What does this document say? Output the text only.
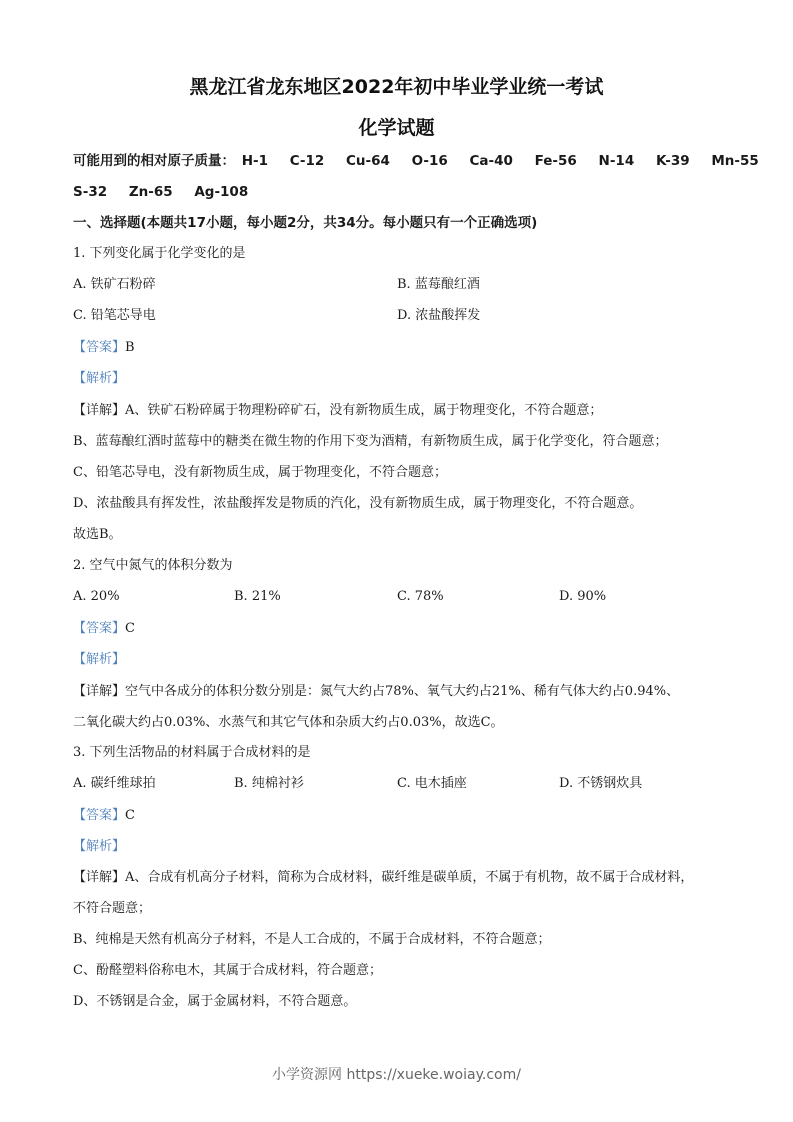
黑龙江省龙东地区2022年初中毕业学业统一考试
化学试题
可能用到的相对原子质量： H-1 C-12 Cu-64 O-16 Ca-40 Fe-56 N-14 K-39 Mn-55
S-32 Zn-65 Ag-108
一、选择题(本题共17小题，每小题2分，共34分。每小题只有一个正确选项)
1. 下列变化属于化学变化的是
A. 铁矿石粉碎	B. 蓝莓酿红酒
C. 铅笔芯导电	D. 浓盐酸挥发
【答案】B
【解析】
【详解】A、铁矿石粉碎属于物理粉碎矿石，没有新物质生成，属于物理变化，不符合题意；
B、蓝莓酿红酒时蓝莓中的糖类在微生物的作用下变为酒精，有新物质生成，属于化学变化，符合题意；
C、铅笔芯导电，没有新物质生成，属于物理变化，不符合题意；
D、浓盐酸具有挥发性，浓盐酸挥发是物质的汽化，没有新物质生成，属于物理变化，不符合题意。
故选B。
2. 空气中氮气的体积分数为
A. 20%	B. 21%	C. 78%	D. 90%
【答案】C
【解析】
【详解】空气中各成分的体积分数分别是：氮气大约占78%、氧气大约占21%、稀有气体大约占0.94%、
二氧化碳大约占0.03%、水蒸气和其它气体和杂质大约占0.03%，故选C。
3. 下列生活物品的材料属于合成材料的是
A. 碳纤维球拍	B. 纯棉衬衫	C. 电木插座	D. 不锈钢炊具
【答案】C
【解析】
【详解】A、合成有机高分子材料，简称为合成材料，碳纤维是碳单质，不属于有机物，故不属于合成材料，
不符合题意；
B、纯棉是天然有机高分子材料，不是人工合成的，不属于合成材料，不符合题意；
C、酚醛塑料俗称电木，其属于合成材料，符合题意；
D、不锈钢是合金，属于金属材料，不符合题意。
小学资源网 https://xueke.woiay.com/
